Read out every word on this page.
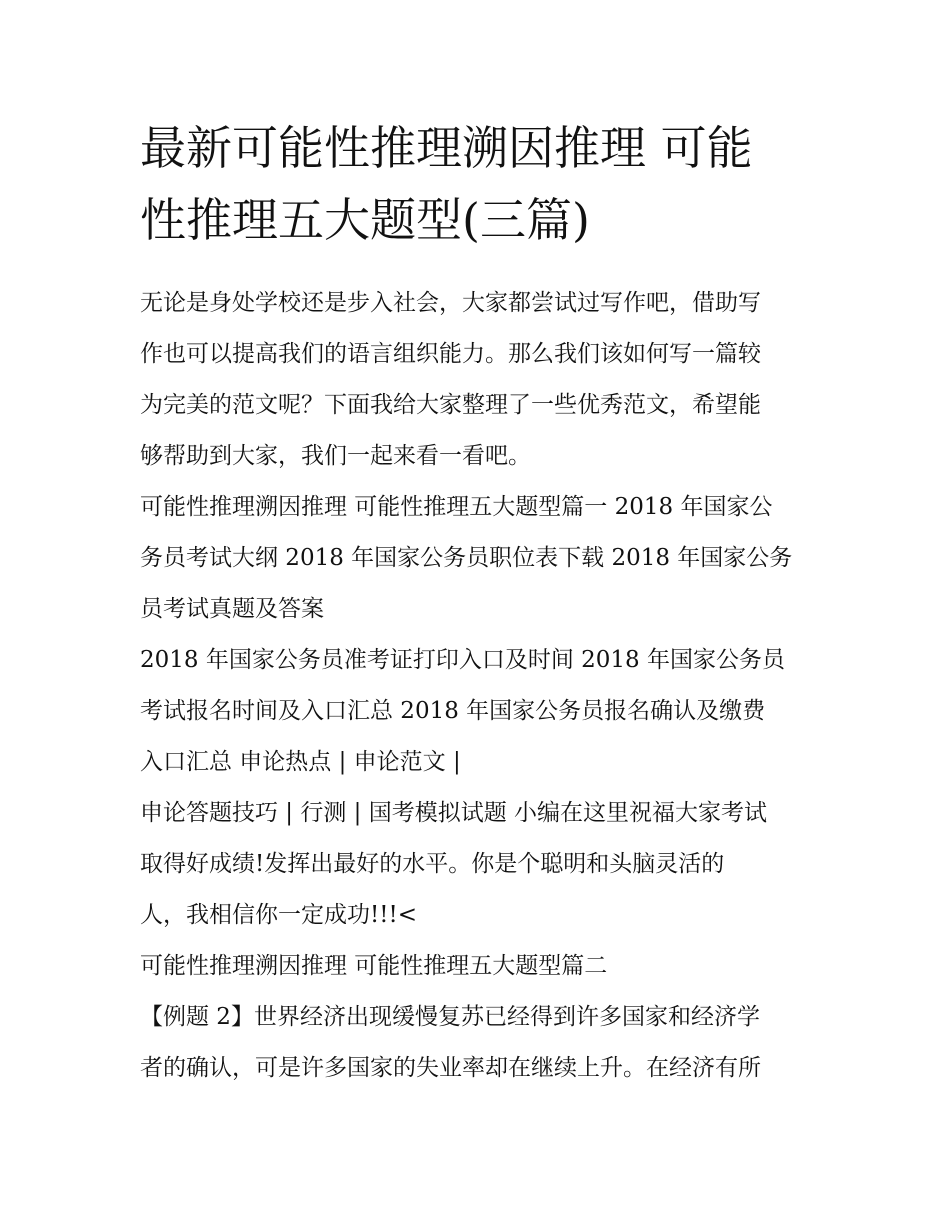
最新可能性推理溯因推理 可能
性推理五大题型(三篇)

无论是身处学校还是步入社会，大家都尝试过写作吧，借助写
作也可以提高我们的语言组织能力。那么我们该如何写一篇较
为完美的范文呢？下面我给大家整理了一些优秀范文，希望能
够帮助到大家，我们一起来看一看吧。

可能性推理溯因推理 可能性推理五大题型篇一 2018 年国家公
务员考试大纲 2018 年国家公务员职位表下载 2018 年国家公务
员考试真题及答案

2018 年国家公务员准考证打印入口及时间 2018 年国家公务员
考试报名时间及入口汇总 2018 年国家公务员报名确认及缴费
入口汇总 申论热点 | 申论范文 |

申论答题技巧 | 行测 | 国考模拟试题 小编在这里祝福大家考试
取得好成绩!发挥出最好的水平。你是个聪明和头脑灵活的
人，我相信你一定成功!!!<

可能性推理溯因推理 可能性推理五大题型篇二

【例题 2】世界经济出现缓慢复苏已经得到许多国家和经济学
者的确认，可是许多国家的失业率却在继续上升。在经济有所
